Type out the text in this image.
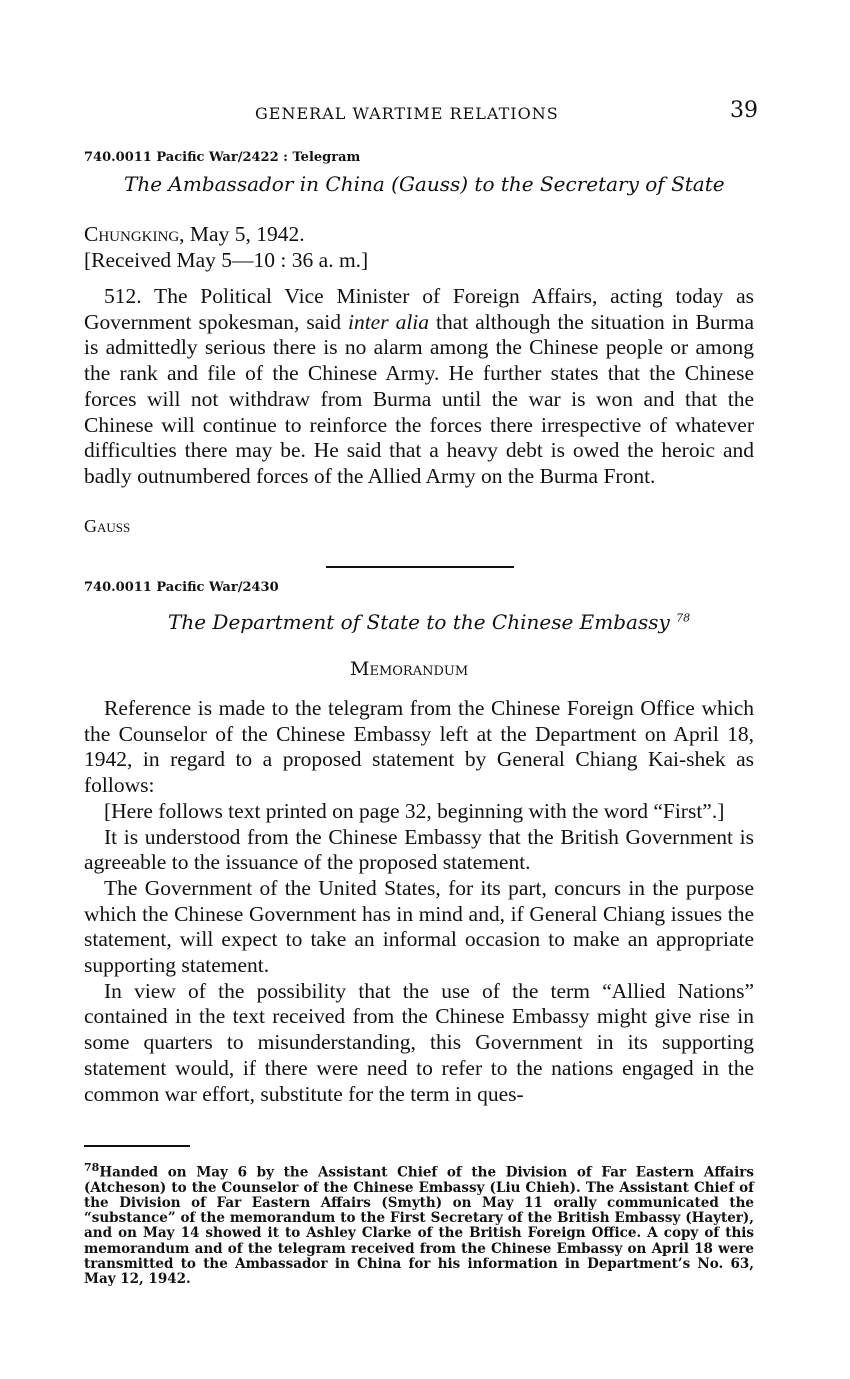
GENERAL WARTIME RELATIONS	39
740.0011 Pacific War/2422 : Telegram
The Ambassador in China (Gauss) to the Secretary of State
Chungking, May 5, 1942.
[Received May 5—10 : 36 a. m.]

512. The Political Vice Minister of Foreign Affairs, acting today as Government spokesman, said inter alia that although the situation in Burma is admittedly serious there is no alarm among the Chinese people or among the rank and file of the Chinese Army. He further states that the Chinese forces will not withdraw from Burma until the war is won and that the Chinese will continue to reinforce the forces there irrespective of whatever difficulties there may be. He said that a heavy debt is owed the heroic and badly outnumbered forces of the Allied Army on the Burma Front.

Gauss
740.0011 Pacific War/2430
The Department of State to the Chinese Embassy $^{78}$
Memorandum

Reference is made to the telegram from the Chinese Foreign Office which the Counselor of the Chinese Embassy left at the Department on April 18, 1942, in regard to a proposed statement by General Chiang Kai-shek as follows:

[Here follows text printed on page 32, beginning with the word “First”.]

It is understood from the Chinese Embassy that the British Government is agreeable to the issuance of the proposed statement.

The Government of the United States, for its part, concurs in the purpose which the Chinese Government has in mind and, if General Chiang issues the statement, will expect to take an informal occasion to make an appropriate supporting statement.

In view of the possibility that the use of the term “Allied Nations” contained in the text received from the Chinese Embassy might give rise in some quarters to misunderstanding, this Government in its supporting statement would, if there were need to refer to the nations engaged in the common war effort, substitute for the term in ques-

$^{78}$Handed on May 6 by the Assistant Chief of the Division of Far Eastern Affairs (Atcheson) to the Counselor of the Chinese Embassy (Liu Chieh). The Assistant Chief of the Division of Far Eastern Affairs (Smyth) on May 11 orally communicated the “substance” of the memorandum to the First Secretary of the British Embassy (Hayter), and on May 14 showed it to Ashley Clarke of the British Foreign Office. A copy of this memorandum and of the telegram received from the Chinese Embassy on April 18 were transmitted to the Ambassador in China for his information in Department’s No. 63, May 12, 1942.
